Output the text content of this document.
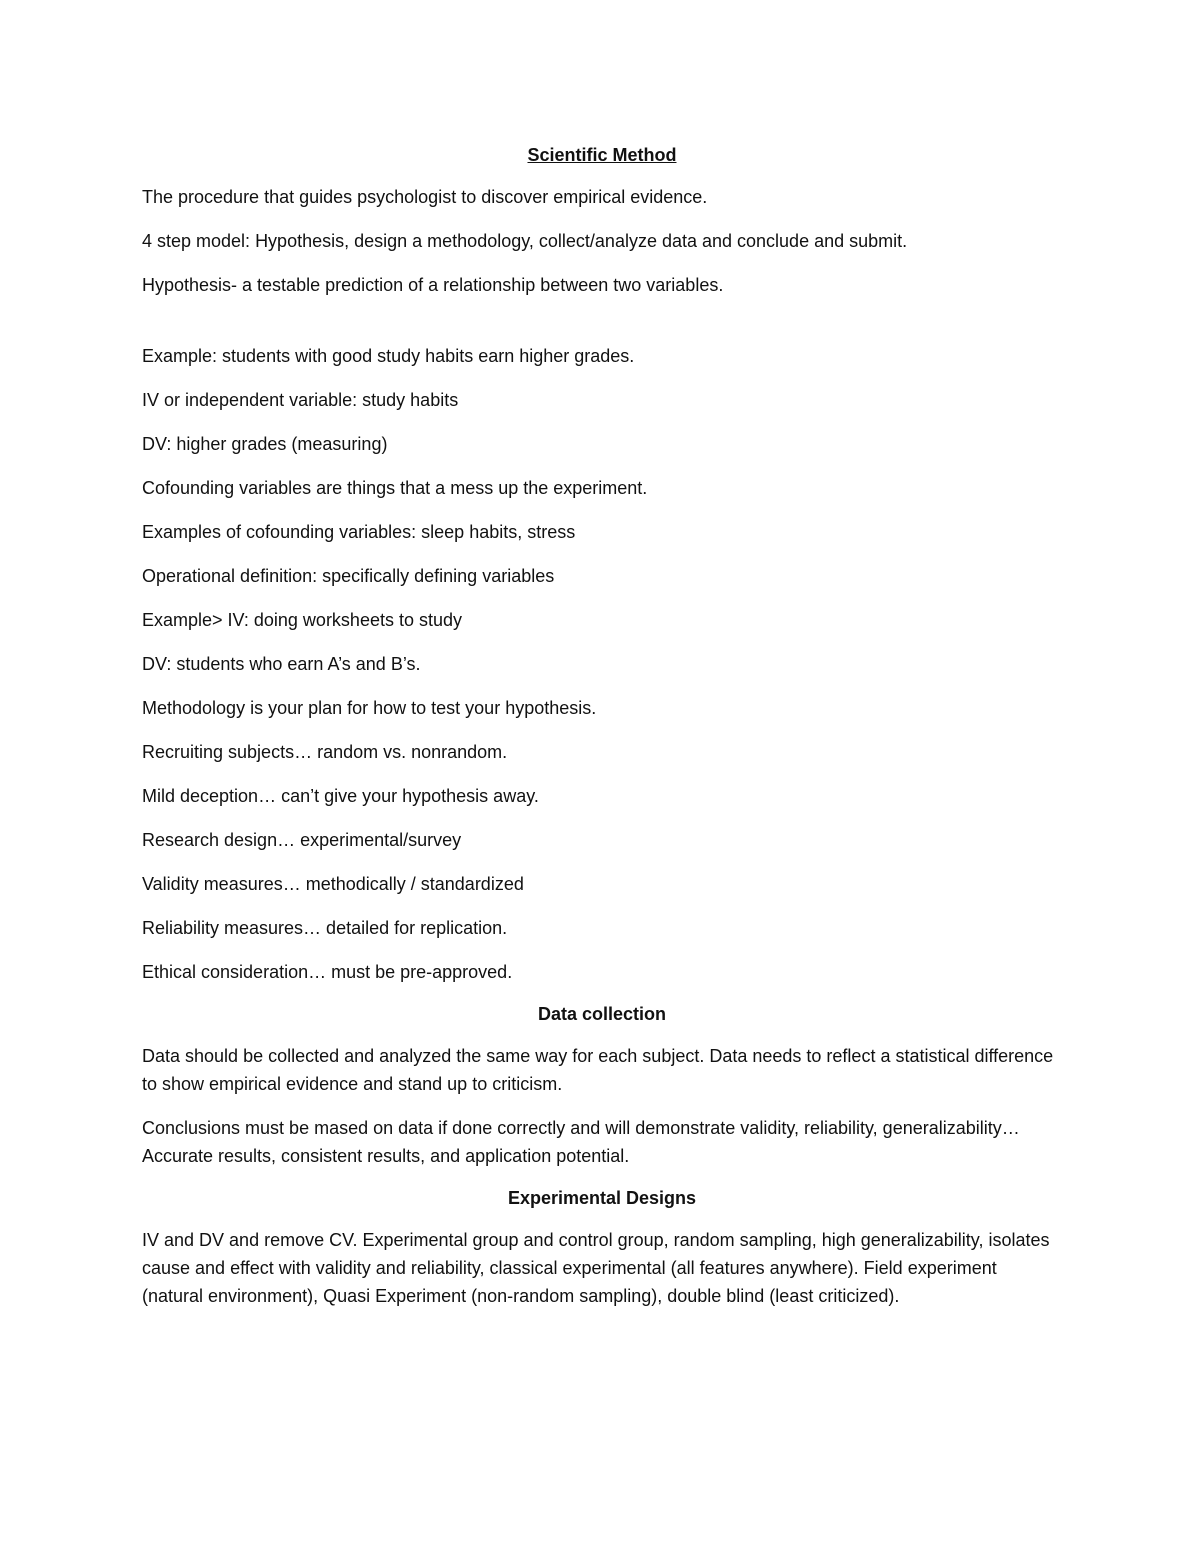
Scientific Method
The procedure that guides psychologist to discover empirical evidence.
4 step model: Hypothesis, design a methodology, collect/analyze data and conclude and submit.
Hypothesis- a testable prediction of a relationship between two variables.
Example: students with good study habits earn higher grades.
IV or independent variable: study habits
DV: higher grades (measuring)
Cofounding variables are things that a mess up the experiment.
Examples of cofounding variables: sleep habits, stress
Operational definition: specifically defining variables
Example> IV: doing worksheets to study
DV: students who earn A’s and B’s.
Methodology is your plan for how to test your hypothesis.
Recruiting subjects… random vs. nonrandom.
Mild deception… can’t give your hypothesis away.
Research design… experimental/survey
Validity measures… methodically / standardized
Reliability measures… detailed for replication.
Ethical consideration… must be pre-approved.
Data collection
Data should be collected and analyzed the same way for each subject. Data needs to reflect a statistical difference to show empirical evidence and stand up to criticism.
Conclusions must be mased on data if done correctly and will demonstrate validity, reliability, generalizability… Accurate results, consistent results, and application potential.
Experimental Designs
IV and DV and remove CV. Experimental group and control group, random sampling, high generalizability, isolates cause and effect with validity and reliability, classical experimental (all features anywhere). Field experiment (natural environment), Quasi Experiment (non-random sampling), double blind (least criticized).
